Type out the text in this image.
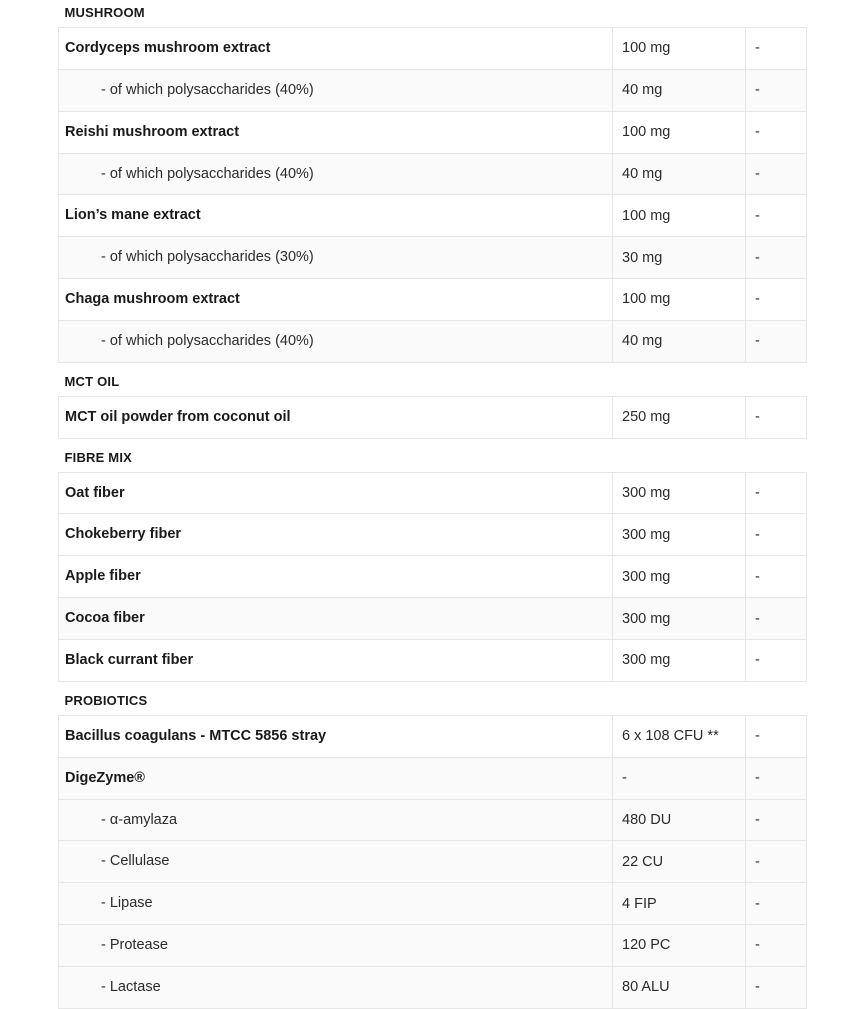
MUSHROOM		

Cordyceps mushroom extract	100 mg	-

- of which polysaccharides (40%)	40 mg	-

Reishi mushroom extract	100 mg	-

- of which polysaccharides (40%)	40 mg	-

Lion’s mane extract	100 mg	-

- of which polysaccharides (30%)	30 mg	-

Chaga mushroom extract	100 mg	-

- of which polysaccharides (40%)	40 mg	-

MCT OIL		

MCT oil powder from coconut oil	250 mg	-

FIBRE MIX		

Oat fiber	300 mg	-

Chokeberry fiber	300 mg	-

Apple fiber	300 mg	-

Cocoa fiber	300 mg	-

Black currant fiber	300 mg	-

PROBIOTICS		

Bacillus coagulans - MTCC 5856 stray	6 x 108 CFU **	-

DigeZyme®	-	-

- α-amylaza	480 DU	-

- Cellulase	22 CU	-

- Lipase	4 FIP	-

- Protease	120 PC	-

- Lactase	80 ALU	-
